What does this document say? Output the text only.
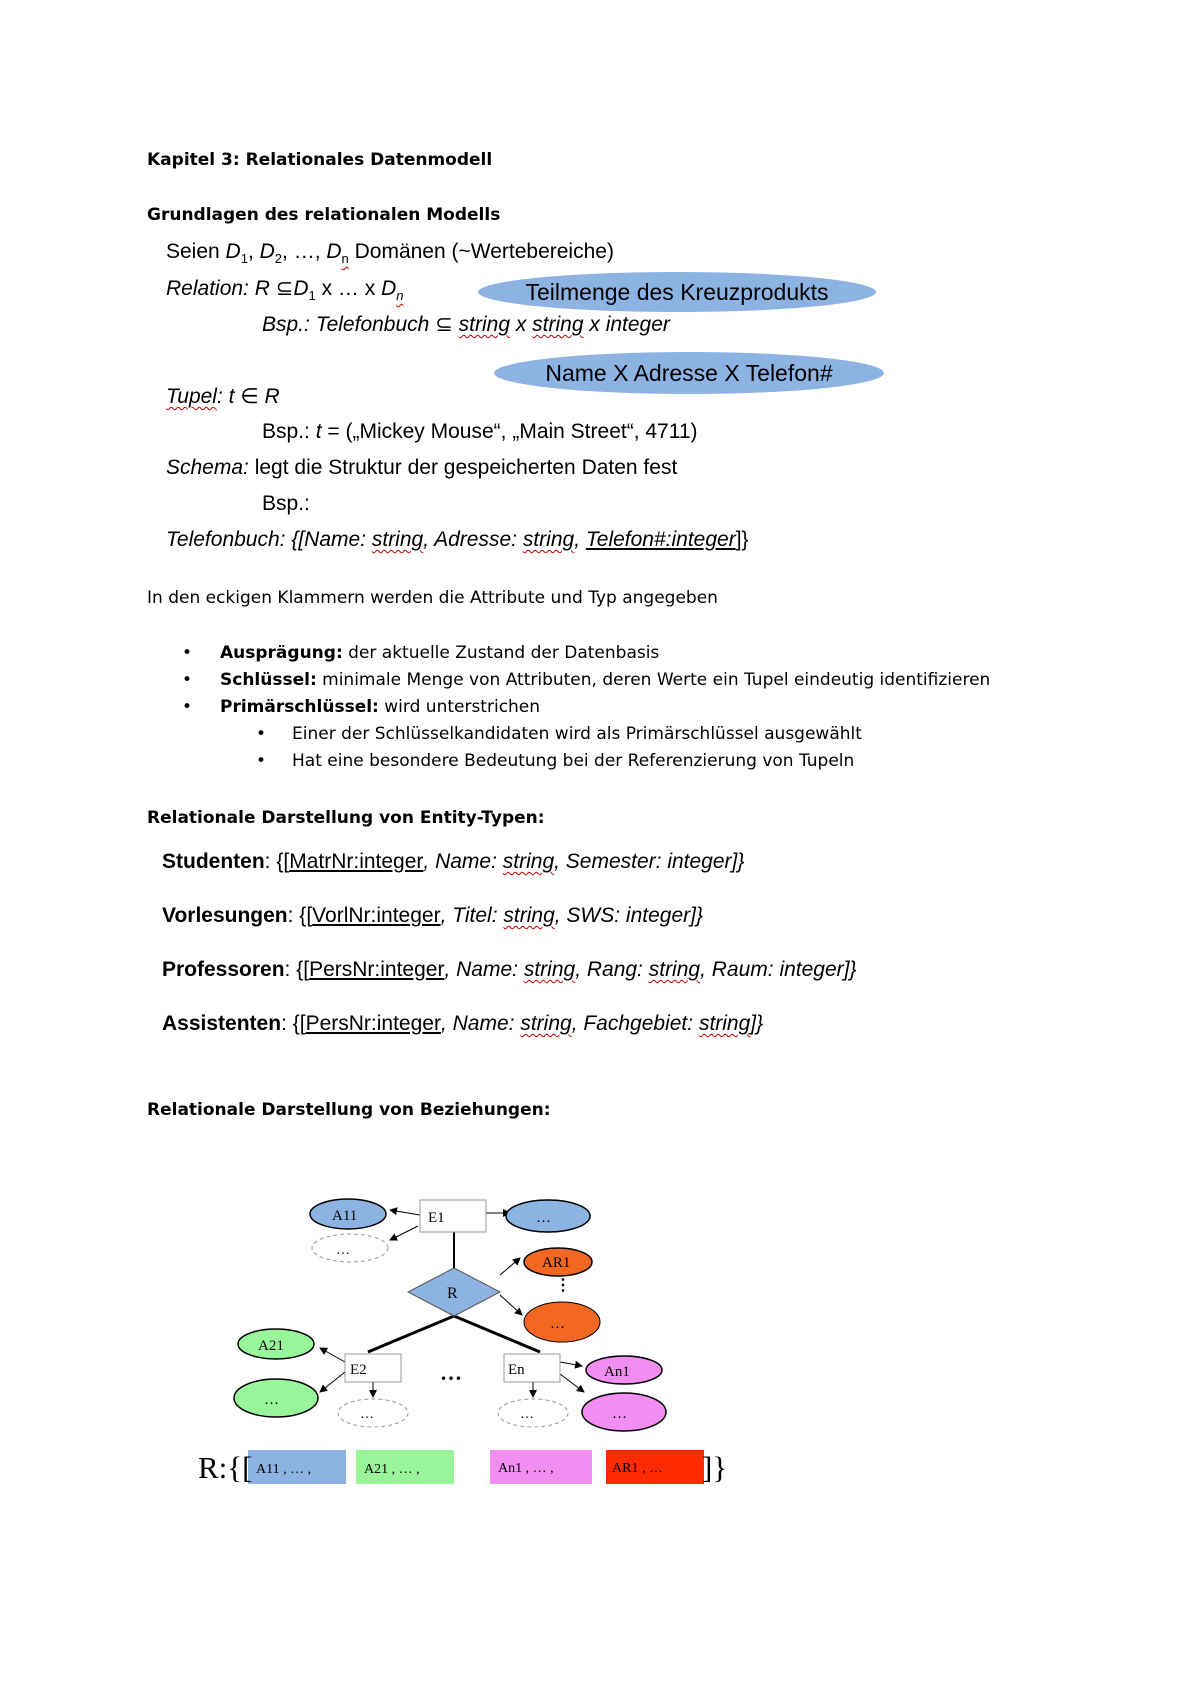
Kapitel 3: Relationales Datenmodell
Grundlagen des relationalen Modells
Seien $D_1$, $D_2$, …, $D_n$ Domänen (~Wertebereiche)
Relation: R $⊆D_1$ x … x $D_n$	Teilmenge des Kreuzprodukts
Bsp.: Telefonbuch ⊆ string x string x integer
Name X Adresse X Telefon#
Tupel: t ∈ R
Bsp.: t = („Mickey Mouse“, „Main Street“, 4711)
Schema: legt die Struktur der gespeicherten Daten fest
Bsp.:
Telefonbuch: {[Name: string, Adresse: string, Telefon#:integer]}
In den eckigen Klammern werden die Attribute und Typ angegeben
• Ausprägung: der aktuelle Zustand der Datenbasis
• Schlüssel: minimale Menge von Attributen, deren Werte ein Tupel eindeutig identifizieren
• Primärschlüssel: wird unterstrichen
• Einer der Schlüsselkandidaten wird als Primärschlüssel ausgewählt
• Hat eine besondere Bedeutung bei der Referenzierung von Tupeln
Relationale Darstellung von Entity-Typen:
Studenten: {[MatrNr:integer, Name: string, Semester: integer]}
Vorlesungen: {[VorlNr:integer, Titel: string, SWS: integer]}
Professoren: {[PersNr:integer, Name: string, Rang: string, Raum: integer]}
Assistenten: {[PersNr:integer, Name: string, Fachgebiet: string]}
Relationale Darstellung von Beziehungen:
A11	E1
…
…
R
AR1
⋮
…
A21
…
E2
…
…	En
…
An1
…
R:{[ A11 , … ,	A21 , … ,	An1 , … ,	AR1 , … ]}
